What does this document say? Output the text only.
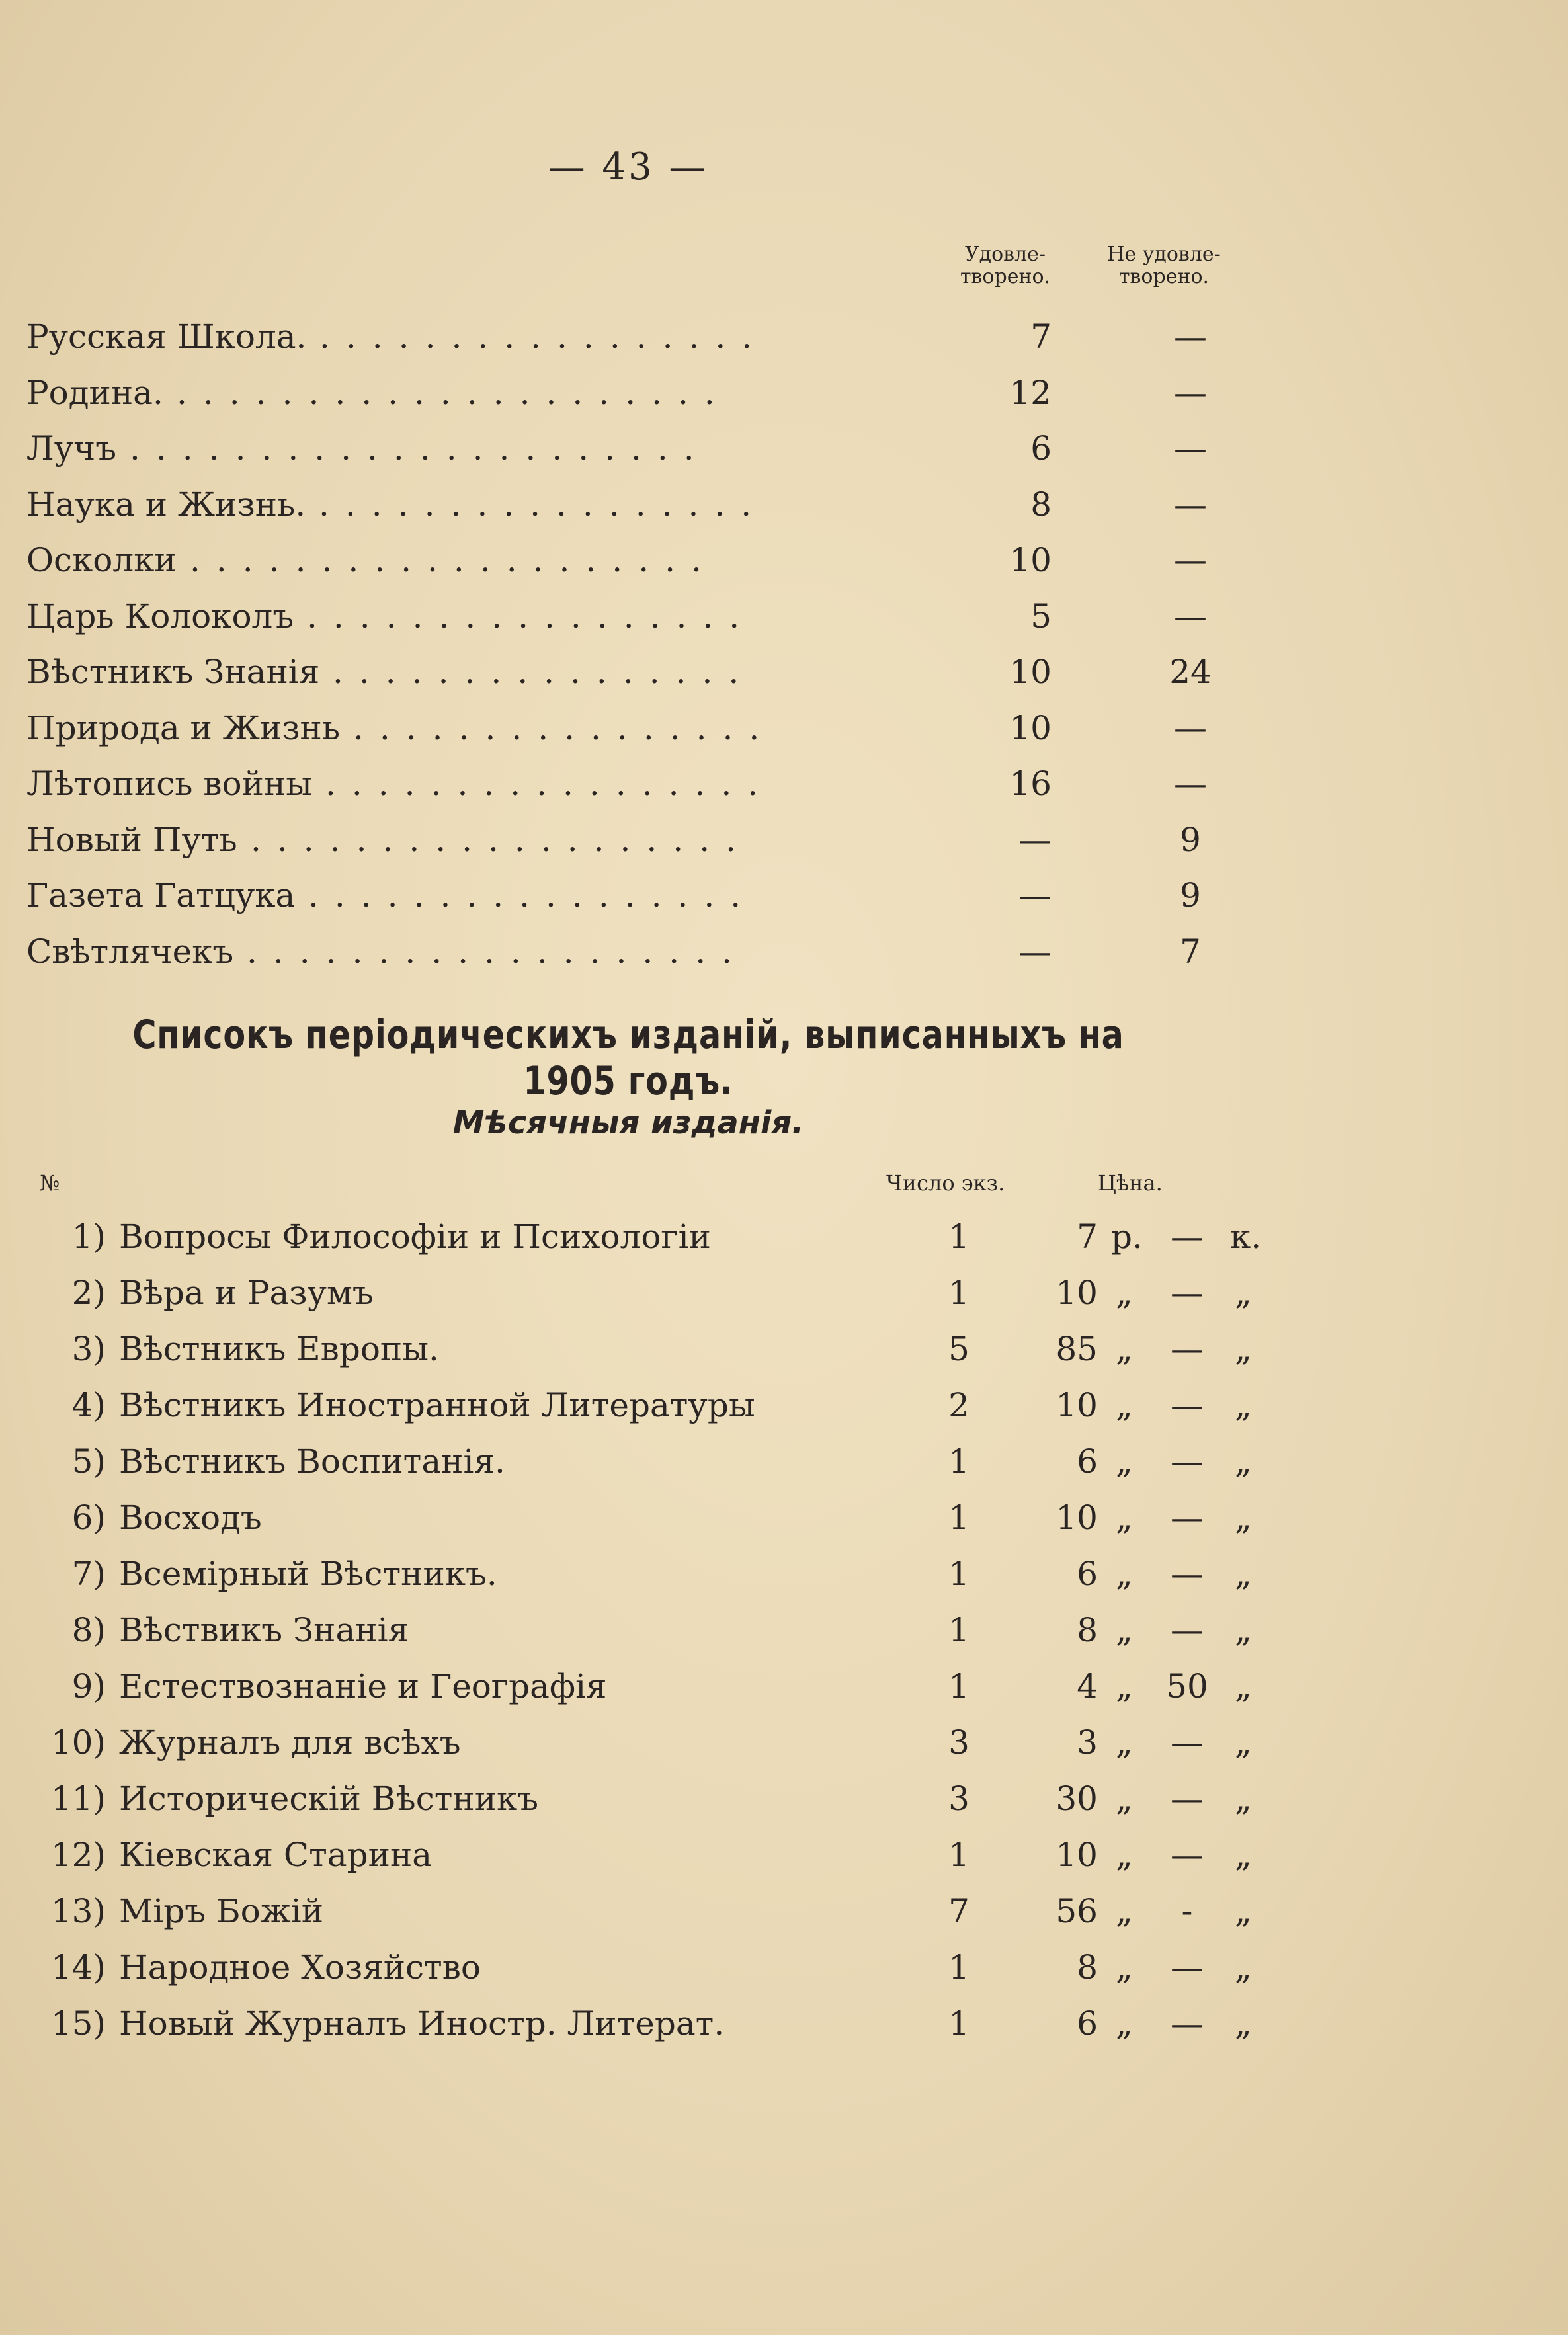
— 43 —
Удовле-
творено.
Не удовле-
творено.
.................
Русская Школа.	7	—
.....................
Родина.	12	—
......................
Лучъ	6	—
.................
Наука и Жизнь.	8	—
....................
Осколки	10	—
.................
Царь Колоколъ	5	—
................
Вѣстникъ Знанія	10	24
................
Природа и Жизнь	10	—
.................
Лѣтопись войны	16	—
...................
Новый Путь	—	9
.................
Газета Гатцука	—	9
...................
Свѣтлячекъ	—	7
Списокъ періодическихъ изданій, выписанныхъ на 1905 годъ.
Мѣсячныя изданія.
№	Число экз.	Цѣна.
1) Вопросы Философіи и Психологіи	1	7 р. — к.
2) Вѣра и Разумъ	1	10 „	— „
3) Вѣстникъ Европы.	5	85 „	— „
4) Вѣстникъ Иностранной Литературы	2	10 „	— „
5) Вѣстникъ Воспитанія.	1	6 „	— „
6) Восходъ	1	10 „	— „
7) Всемірный Вѣстникъ.	1	6 „	— „
8) Вѣствикъ Знанія	1	8 „	— „
9) Естествознаніе и Географія	1	4 „	50 „
10) Журналъ для всѣхъ	3	3 „	— „
11) Историческій Вѣстникъ	3	30 „	— „
12) Кіевская Старина	1	10 „	— „
13) Міръ Божій	7	56 „	-	„
14) Народное Хозяйство	1	8 „	— „
15) Новый Журналъ Иностр. Литерат.	1	6 „	— „
